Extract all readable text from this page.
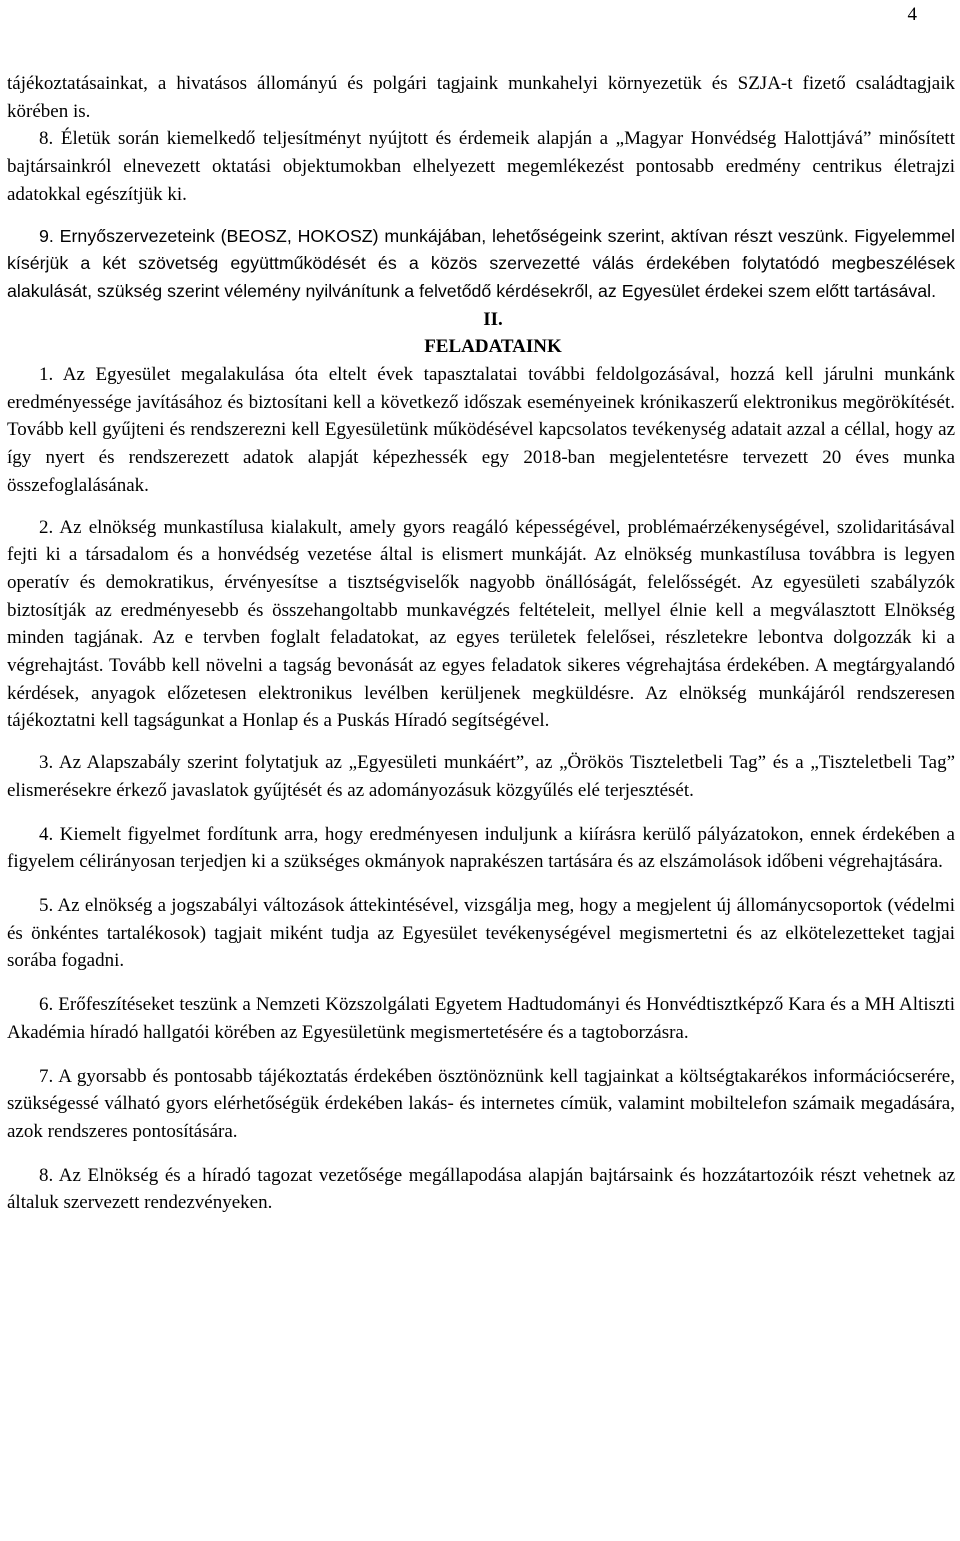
4

tájékoztatásainkat, a hivatásos állományú és polgári tagjaink munkahelyi környezetük és SZJA-t fizető családtagjaik körében is.

8. Életük során kiemelkedő teljesítményt nyújtott és érdemeik alapján a „Magyar Honvédség Halottjává” minősített bajtársainkról elnevezett oktatási objektumokban elhelyezett megemlékezést pontosabb eredmény centrikus életrajzi adatokkal egészítjük ki.

9. Ernyőszervezeteink (BEOSZ, HOKOSZ) munkájában, lehetőségeink szerint, aktívan részt veszünk. Figyelemmel kísérjük a két szövetség együttműködését és a közös szervezetté válás érdekében folytatódó megbeszélések alakulását, szükség szerint vélemény nyilvánítunk a felvetődő kérdésekről, az Egyesület érdekei szem előtt tartásával.

II.

FELADATAINK

1. Az Egyesület megalakulása óta eltelt évek tapasztalatai további feldolgozásával, hozzá kell járulni munkánk eredményessége javításához és biztosítani kell a következő időszak eseményeinek krónikaszerű elektronikus megörökítését. Tovább kell gyűjteni és rendszerezni kell Egyesületünk működésével kapcsolatos tevékenység adatait azzal a céllal, hogy az így nyert és rendszerezett adatok alapját képezhessék egy 2018-ban megjelentetésre tervezett 20 éves munka összefoglalásának.

2. Az elnökség munkastílusa kialakult, amely gyors reagáló képességével, problémaérzékenységével, szolidaritásával fejti ki a társadalom és a honvédség vezetése által is elismert munkáját. Az elnökség munkastílusa továbbra is legyen operatív és demokratikus, érvényesítse a tisztségviselők nagyobb önállóságát, felelősségét. Az egyesületi szabályzók biztosítják az eredményesebb és összehangoltabb munkavégzés feltételeit, mellyel élnie kell a megválasztott Elnökség minden tagjának. Az e tervben foglalt feladatokat, az egyes területek felelősei, részletekre lebontva dolgozzák ki a végrehajtást. Tovább kell növelni a tagság bevonását az egyes feladatok sikeres végrehajtása érdekében. A megtárgyalandó kérdések, anyagok előzetesen elektronikus levélben kerüljenek megküldésre. Az elnökség munkájáról rendszeresen tájékoztatni kell tagságunkat a Honlap és a Puskás Híradó segítségével.

3. Az Alapszabály szerint folytatjuk az „Egyesületi munkáért”, az „Örökös Tiszteletbeli Tag” és a „Tiszteletbeli Tag” elismerésekre érkező javaslatok gyűjtését és az adományozásuk közgyűlés elé terjesztését.

4. Kiemelt figyelmet fordítunk arra, hogy eredményesen induljunk a kiírásra kerülő pályázatokon, ennek érdekében a figyelem célirányosan terjedjen ki a szükséges okmányok naprakészen tartására és az elszámolások időbeni végrehajtására.

5. Az elnökség a jogszabályi változások áttekintésével, vizsgálja meg, hogy a megjelent új állománycsoportok (védelmi és önkéntes tartalékosok) tagjait miként tudja az Egyesület tevékenységével megismertetni és az elkötelezetteket tagjai sorába fogadni.

6. Erőfeszítéseket teszünk a Nemzeti Közszolgálati Egyetem Hadtudományi és Honvédtisztképző Kara és a MH Altiszti Akadémia híradó hallgatói körében az Egyesületünk megismertetésére és a tagtoborzásra.

7. A gyorsabb és pontosabb tájékoztatás érdekében ösztönöznünk kell tagjainkat a költségtakarékos információcserére, szükségessé válható gyors elérhetőségük érdekében lakás- és internetes címük, valamint mobiltelefon számaik megadására, azok rendszeres pontosítására.

8. Az Elnökség és a híradó tagozat vezetősége megállapodása alapján bajtársaink és hozzátartozóik részt vehetnek az általuk szervezett rendezvényeken.
